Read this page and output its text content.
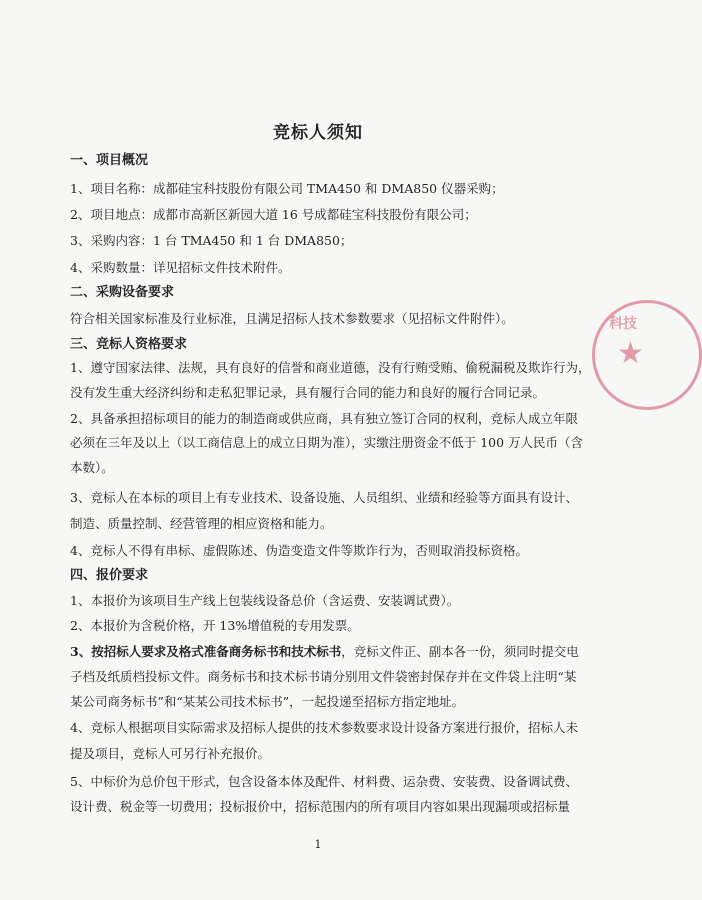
竞标人须知
一、项目概况
1、项目名称：成都硅宝科技股份有限公司 TMA450 和 DMA850 仪器采购；
2、项目地点：成都市高新区新园大道 16 号成都硅宝科技股份有限公司；
3、采购内容：1 台 TMA450 和 1 台 DMA850；
4、采购数量：详见招标文件技术附件。
二、采购设备要求
符合相关国家标准及行业标准，且满足招标人技术参数要求（见招标文件附件）。
三、竞标人资格要求
1、遵守国家法律、法规，具有良好的信誉和商业道德，没有行贿受贿、偷税漏税及欺诈行为，
没有发生重大经济纠纷和走私犯罪记录，具有履行合同的能力和良好的履行合同记录。
2、具备承担招标项目的能力的制造商或供应商，具有独立签订合同的权利，竞标人成立年限
必须在三年及以上（以工商信息上的成立日期为准），实缴注册资金不低于 100 万人民币（含
本数）。
3、竞标人在本标的项目上有专业技术、设备设施、人员组织、业绩和经验等方面具有设计、
制造、质量控制、经营管理的相应资格和能力。
4、竞标人不得有串标、虚假陈述、伪造变造文件等欺诈行为，否则取消投标资格。
四、报价要求
1、本报价为该项目生产线上包装线设备总价（含运费、安装调试费）。
2、本报价为含税价格，开 13%增值税的专用发票。
3、按招标人要求及格式准备商务标书和技术标书，竞标文件正、副本各一份，须同时提交电
子档及纸质档投标文件。商务标书和技术标书请分别用文件袋密封保存并在文件袋上注明“某
某公司商务标书”和“某某公司技术标书”，一起投递至招标方指定地址。
4、竞标人根据项目实际需求及招标人提供的技术参数要求设计设备方案进行报价，招标人未
提及项目，竞标人可另行补充报价。
5、中标价为总价包干形式，包含设备本体及配件、材料费、运杂费、安装费、设备调试费、
设计费、税金等一切费用；投标报价中，招标范围内的所有项目内容如果出现漏项或招标量
1
科技
★
